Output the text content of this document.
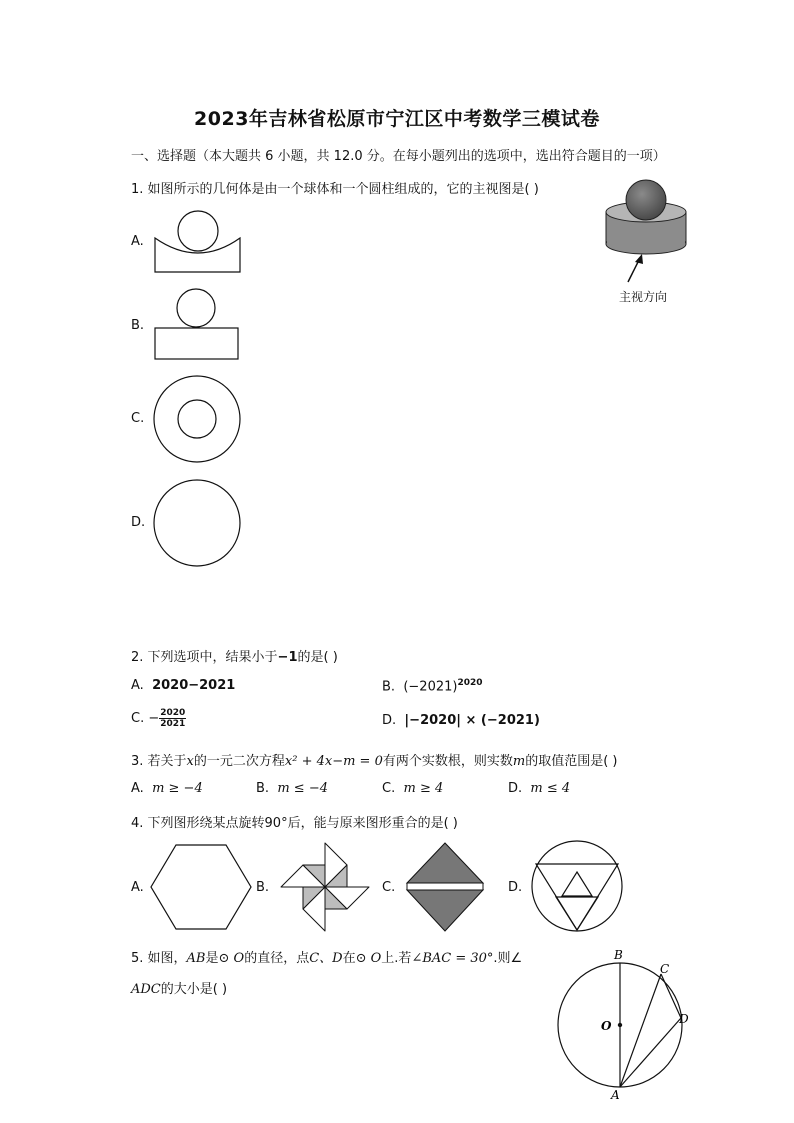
2023年吉林省松原市宁江区中考数学三模试卷
一、选择题（本大题共 6 小题，共 12.0 分。在每小题列出的选项中，选出符合题目的一项）
1. 如图所示的几何体是由一个球体和一个圆柱组成的，它的主视图是( )
主视方向
A.
B.
C.
D.
2. 下列选项中，结果小于−1的是( )
A. 2020−2021	B. $(-2021)^{2020}$
C. − $\frac{2020}{2021}$	D. |−2020| × (−2021)
3. 若关于x的一元二次方程x² + 4x−m = 0有两个实数根，则实数m的取值范围是( )
A. m ≥ −4	B. m ≤ −4	C. m ≥ 4	D. m ≤ 4
4. 下列图形绕某点旋转90°后，能与原来图形重合的是( )
A.	B.	C.	D.
5. 如图，AB是⊙ O的直径，点C、D在⊙ O上.若∠BAC = 30°.则∠
ADC的大小是( )
B
C
D
O
A
